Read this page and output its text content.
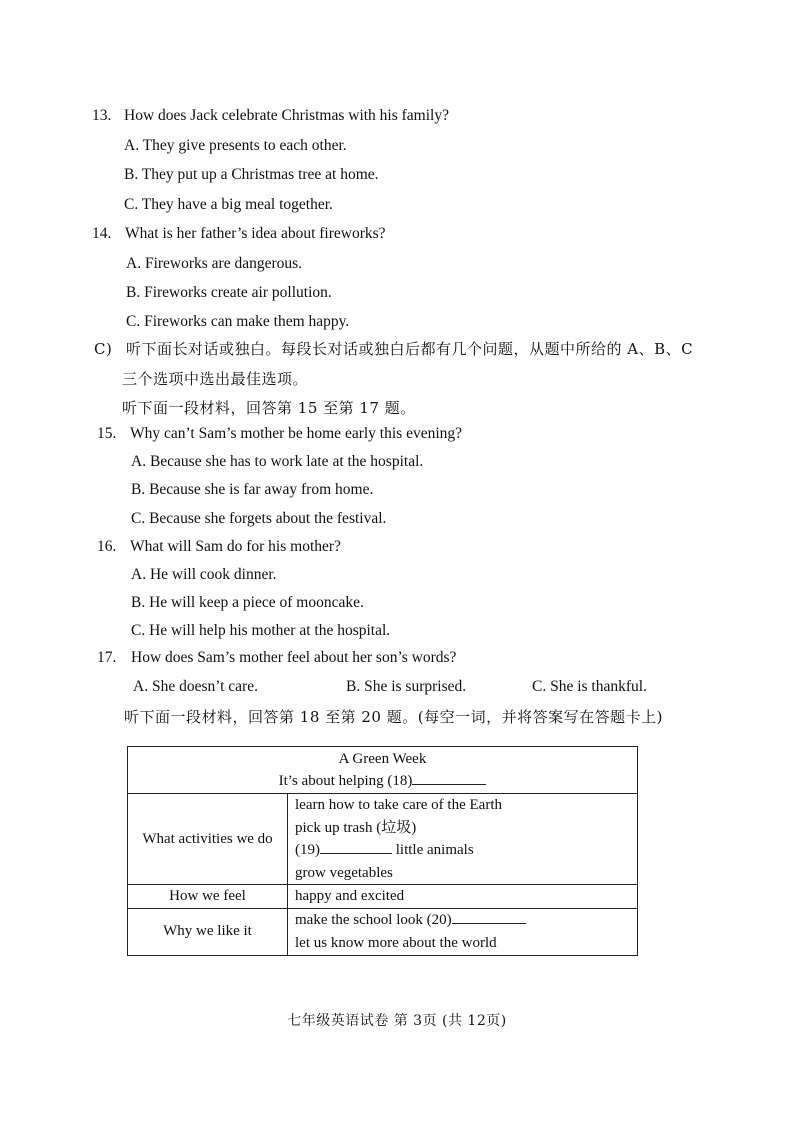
13. How does Jack celebrate Christmas with his family?
A. They give presents to each other.
B. They put up a Christmas tree at home.
C. They have a big meal together.
14. What is her father’s idea about fireworks?
A. Fireworks are dangerous.
B. Fireworks create air pollution.
C. Fireworks can make them happy.
C) 听下面长对话或独白。每段长对话或独白后都有几个问题，从题中所给的 A、B、C
三个选项中选出最佳选项。
听下面一段材料，回答第 15 至第 17 题。
15. Why can’t Sam’s mother be home early this evening?
A. Because she has to work late at the hospital.
B. Because she is far away from home.
C. Because she forgets about the festival.
16. What will Sam do for his mother?
A. He will cook dinner.
B. He will keep a piece of mooncake.
C. He will help his mother at the hospital.
17. How does Sam’s mother feel about her son’s words?
A. She doesn’t care.	B. She is surprised.	C. She is thankful.
听下面一段材料，回答第 18 至第 20 题。(每空一词，并将答案写在答题卡上)
A Green Week
It’s about helping (18)	

What activities we do	learn how to take care of the Earth
pick up trash (垃圾)
(19) little animals
grow vegetables

How we feel	happy and excited

Why we like it	make the school look (20)
let us know more about the world
七年级英语试卷 第 3页 (共 12页)
